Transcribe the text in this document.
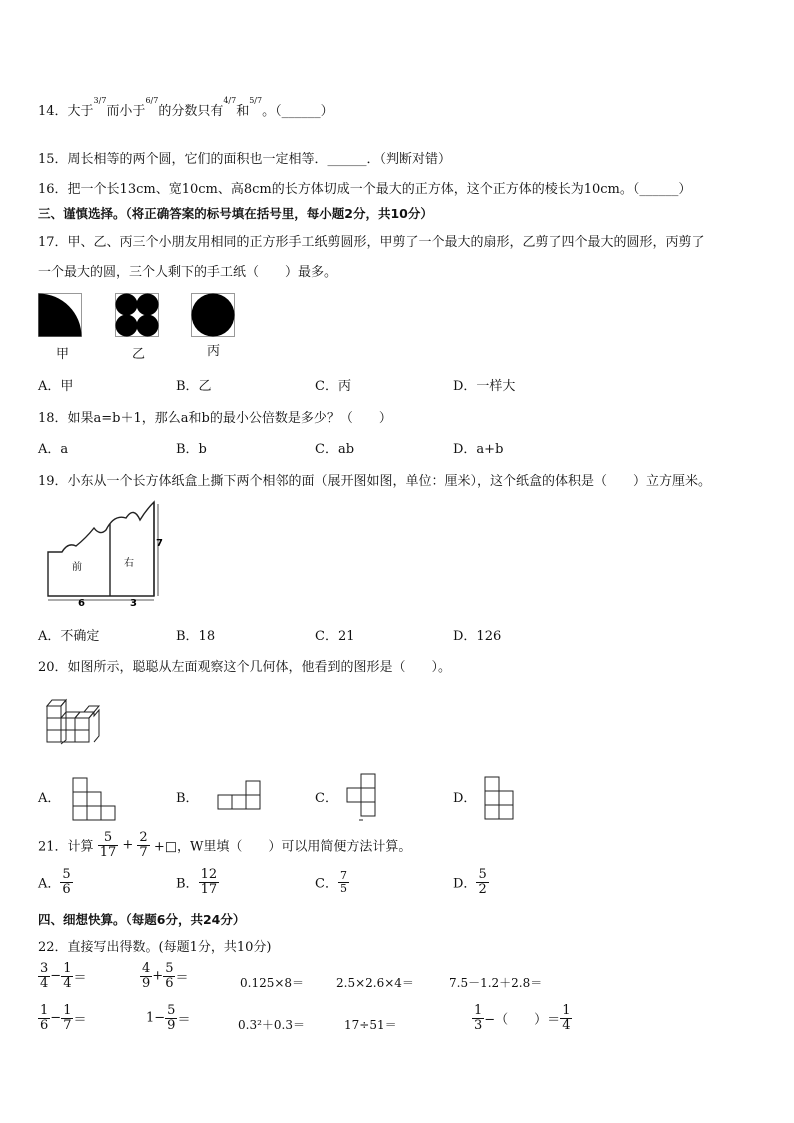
14．大于$^{3/7}$而小于$^{6/7}$的分数只有$^{4/7}$和$^{5/7}$。（______）
15．周长相等的两个圆，它们的面积也一定相等．______．（判断对错）
16．把一个长13cm、宽10cm、高8cm的长方体切成一个最大的正方体，这个正方体的棱长为10cm。（______）
三、谨慎选择。（将正确答案的标号填在括号里，每小题2分，共10分）
17．甲、乙、丙三个小朋友用相同的正方形手工纸剪圆形，甲剪了一个最大的扇形，乙剪了四个最大的圆形，丙剪了
一个最大的圆，三个人剩下的手工纸（　　）最多。
甲	乙	丙
A．甲	B．乙	C．丙	D．一样大
18．如果a=b＋1，那么a和b的最小公倍数是多少？（　　）
A．a	B．b	C．ab	D．a+b
19．小东从一个长方体纸盒上撕下两个相邻的面（展开图如图，单位：厘米），这个纸盒的体积是（　　）立方厘米。
前	右
6	3
7
A．不确定	B．18	C．21	D．126
20．如图所示，聪聪从左面观察这个几何体，他看到的图形是（　　）。
A．	B．	C．	D．
21．计算 $\frac{5}{17} + \frac{2}{7}$ +□，W里填（　　）可以用简便方法计算。
A． $\frac{5}{6}$	B． $\frac{12}{17}$	C． $\frac{7}{5}$	D． $\frac{5}{2}$
四、细想快算。（每题6分，共24分）
22．直接写出得数。(每题1分，共10分)
$\frac{3}{4} - \frac{1}{4}$ ＝	$\frac{4}{9} + \frac{5}{6}$ ＝	0.125×8＝	2.5×2.6×4＝	7.5－1.2＋2.8＝
$\frac{1}{6} - \frac{1}{7}$ ＝	$1- \frac{5}{9}$ ＝	0.3²＋0.3＝	17÷51＝	$\frac{1}{3}$ −（　　）＝ $\frac{1}{4}$
